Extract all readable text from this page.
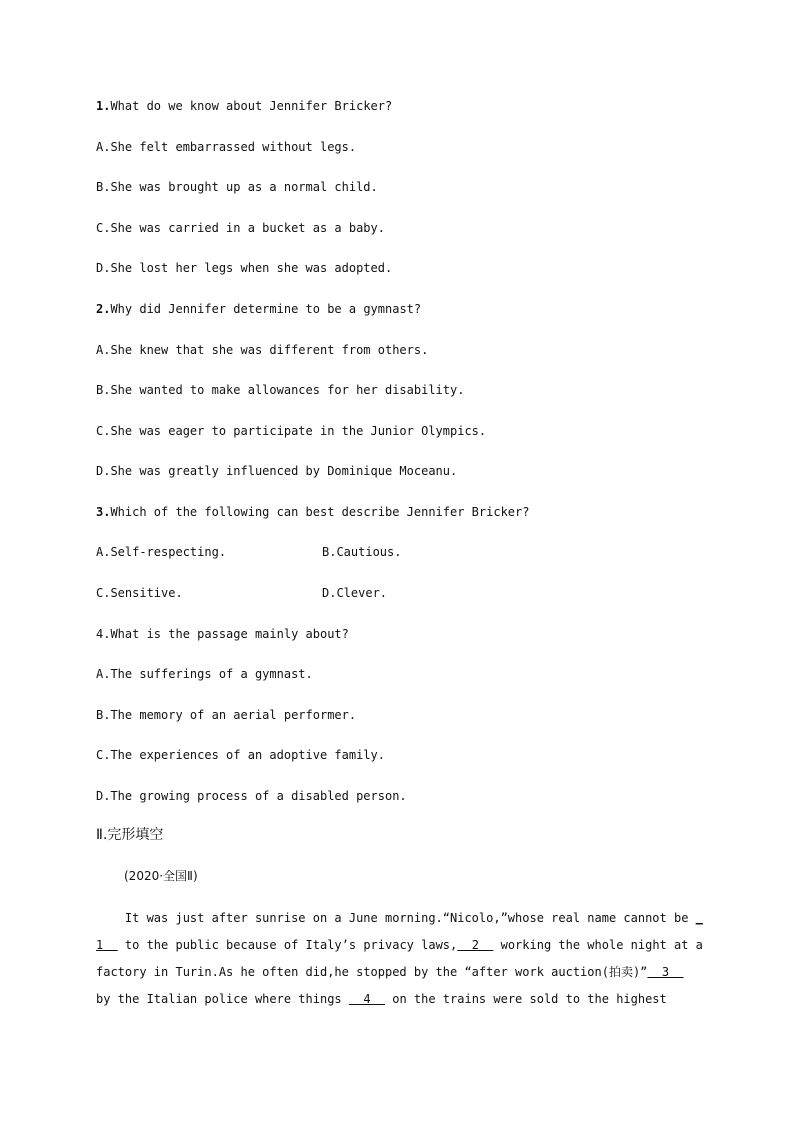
1.What do we know about Jennifer Bricker?
A.She felt embarrassed without legs.
B.She was brought up as a normal child.
C.She was carried in a bucket as a baby.
D.She lost her legs when she was adopted.
2.Why did Jennifer determine to be a gymnast?
A.She knew that she was different from others.
B.She wanted to make allowances for her disability.
C.She was eager to participate in the Junior Olympics.
D.She was greatly influenced by Dominique Moceanu.
3.Which of the following can best describe Jennifer Bricker?
A.Self-respecting.	B.Cautious.
C.Sensitive.	D.Clever.
4.What is the passage mainly about?
A.The sufferings of a gymnast.
B.The memory of an aerial performer.
C.The experiences of an adoptive family.
D.The growing process of a disabled person.
Ⅱ.完形填空
(2020·全国Ⅱ)
It was just after sunrise on a June morning.“Nicolo,”whose real name cannot be _
1   to the public because of Italy’s privacy laws,  2   working the whole night at a
factory in Turin.As he often did,he stopped by the “after work auction(拍卖)”  3
by the Italian police where things   4   on the trains were sold to the highest
